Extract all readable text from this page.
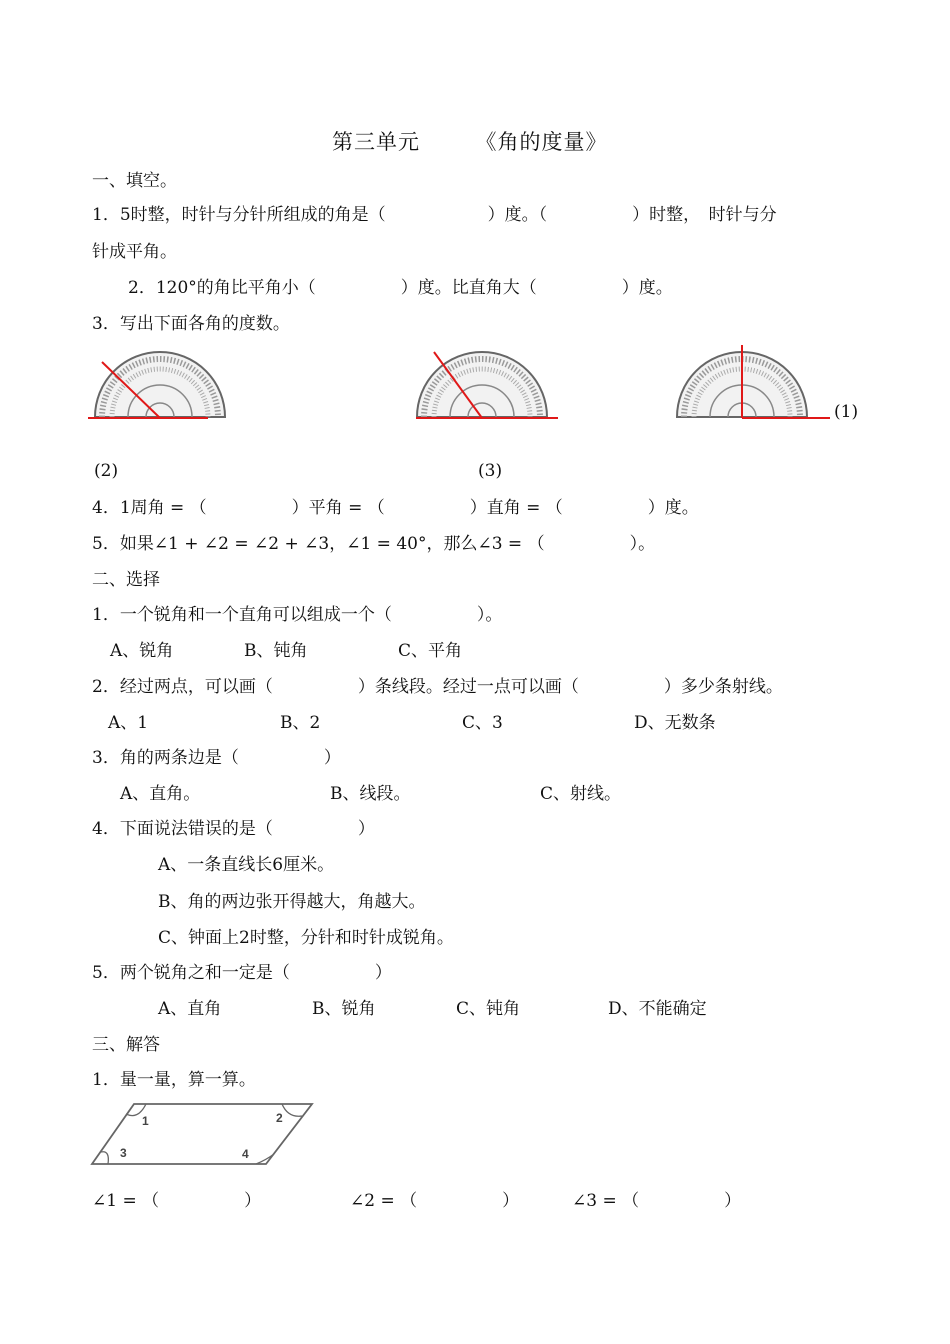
第三单元　　　《角的度量》
一、填空。
1．5时整，时针与分针所组成的角是（　　　　　　）度。（　　　　　）时整，　时针与分
针成平角。
2．120°的角比平角小（　　　　　）度。比直角大（　　　　　）度。
3．写出下面各角的度数。
(1)
(2)	(3)
4．1周角 = （　　　　　）平角 = （　　　　　）直角 = （　　　　　）度。
5．如果∠1 + ∠2 = ∠2 + ∠3，∠1 = 40°，那么∠3 = （　　　　　）。
二、选择
1．一个锐角和一个直角可以组成一个（　　　　　）。
A、锐角	B、钝角	C、平角
2．经过两点，可以画（　　　　　）条线段。经过一点可以画（　　　　　）多少条射线。
A、1	B、2	C、3	D、无数条
3．角的两条边是（　　　　　）
A、直角。	B、线段。	C、射线。
4．下面说法错误的是（　　　　　）
A、一条直线长6厘米。
B、角的两边张开得越大，角越大。
C、钟面上2时整，分针和时针成锐角。
5．两个锐角之和一定是（　　　　　）
A、直角	B、锐角	C、钝角	D、不能确定
三、解答
1．量一量，算一算。
1	2
3	4
∠1 = （　　　　　）	∠2 = （　　　　　）	∠3 = （　　　　　）
